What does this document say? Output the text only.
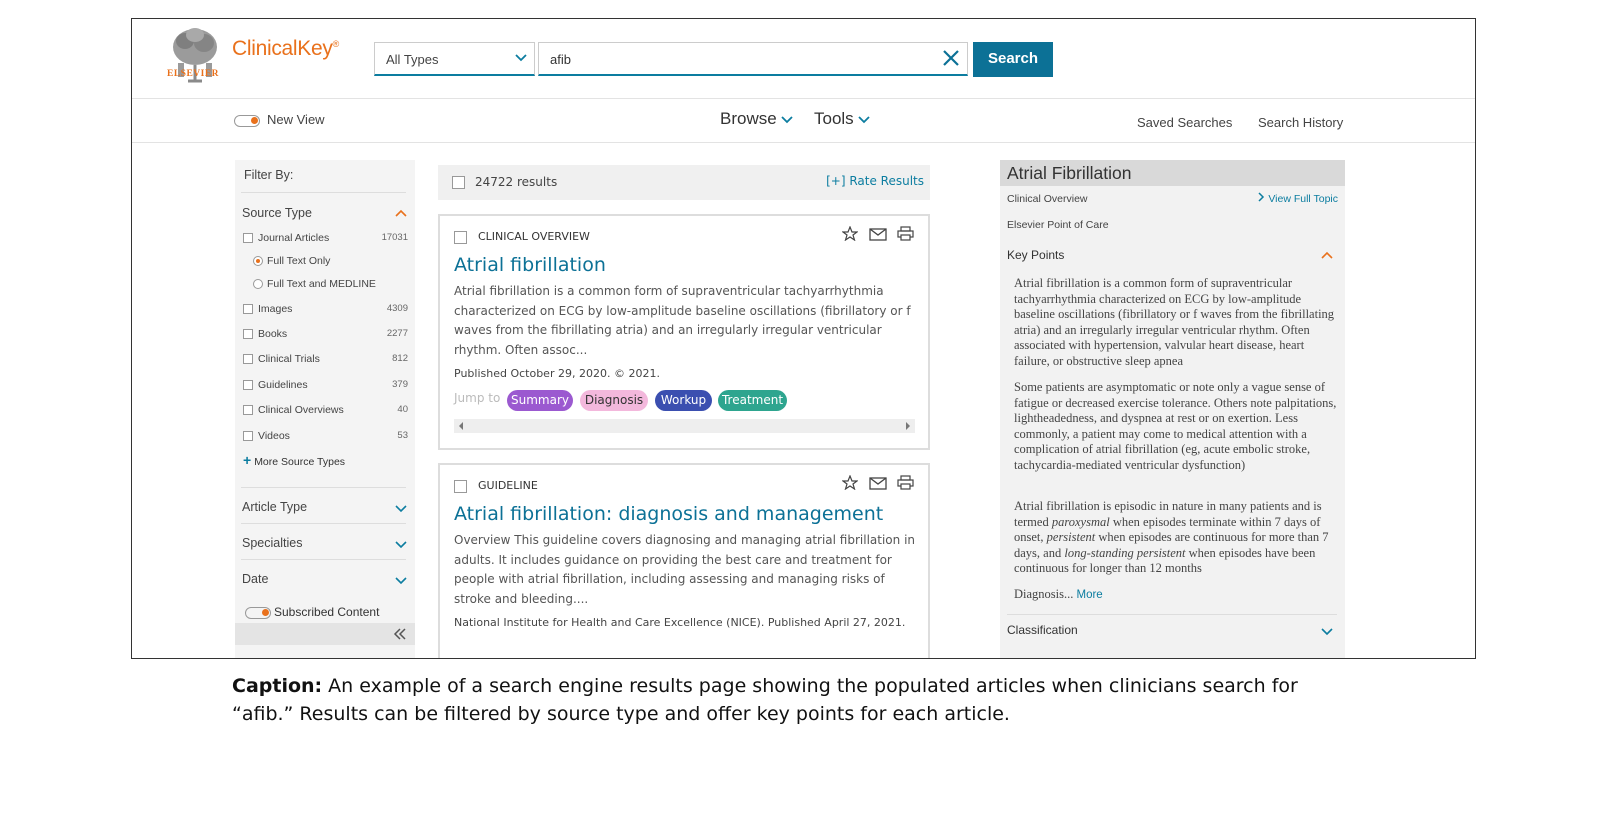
ELSEVIER
ClinicalKey®
All Types	afib	Search
New View	Browse	Tools	Saved Searches Search History
Filter By:
Source Type
Journal Articles	17031
Full Text Only
Full Text and MEDLINE
Images	4309
Books	2277
Clinical Trials	812
Guidelines	379
Clinical Overviews	40
Videos	53
+ More Source Types
Article Type
Specialties
Date
Subscribed Content
24722 results	[+] Rate Results
CLINICAL OVERVIEW

Atrial fibrillation
Atrial fibrillation is a common form of supraventricular tachyarrhythmia characterized on ECG by low-amplitude baseline oscillations (fibrillatory or f waves from the fibrillating atria) and an irregularly irregular ventricular rhythm. Often assoc...
Published October 29, 2020. © 2021.
Jump to Summary	Diagnosis	Workup	Treatment
GUIDELINE

Atrial fibrillation: diagnosis and management
Overview This guideline covers diagnosing and managing atrial fibrillation in adults. It includes guidance on providing the best care and treatment for people with atrial fibrillation, including assessing and managing risks of stroke and bleeding....
National Institute for Health and Care Excellence (NICE). Published April 27, 2021.
Atrial Fibrillation
Clinical Overview	View Full Topic
Elsevier Point of Care
Key Points
Atrial fibrillation is a common form of supraventricular tachyarrhythmia characterized on ECG by low-amplitude baseline oscillations (fibrillatory or f waves from the fibrillating atria) and an irregularly irregular ventricular rhythm. Often associated with hypertension, valvular heart disease, heart failure, or obstructive sleep apnea
Some patients are asymptomatic or note only a vague sense of fatigue or decreased exercise tolerance. Others note palpitations, lightheadedness, and dyspnea at rest or on exertion. Less commonly, a patient may come to medical attention with a complication of atrial fibrillation (eg, acute embolic stroke, tachycardia-mediated ventricular dysfunction)
Atrial fibrillation is episodic in nature in many patients and is termed paroxysmal when episodes terminate within 7 days of onset, persistent when episodes are continuous for more than 7 days, and long-standing persistent when episodes have been continuous for longer than 12 months
Diagnosis... More
Classification
Caption: An example of a search engine results page showing the populated articles when clinicians search for “afib.” Results can be filtered by source type and offer key points for each article.
